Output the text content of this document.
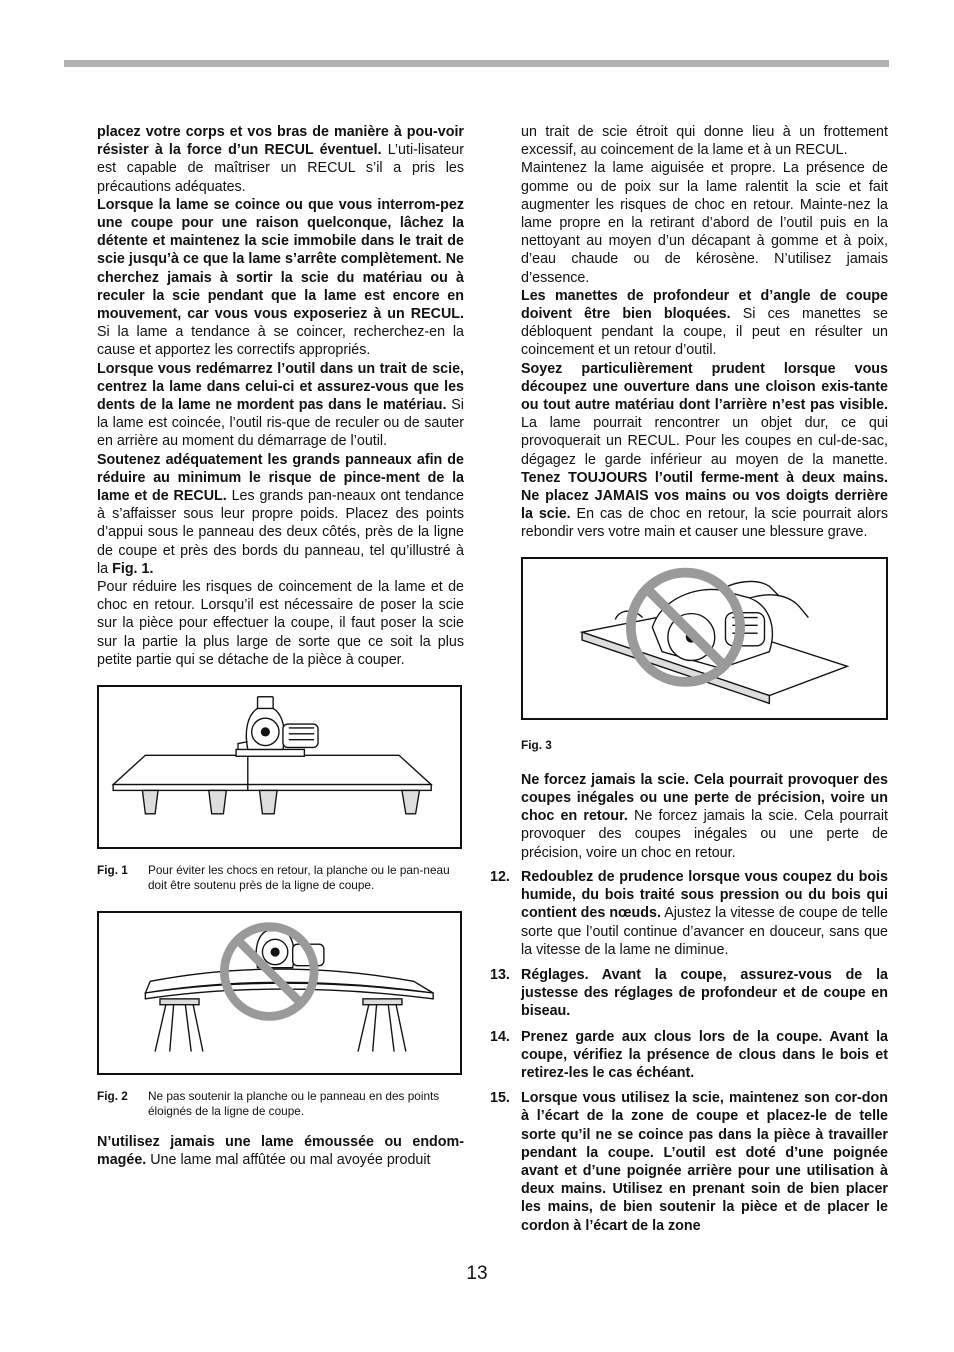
placez votre corps et vos bras de manière à pou-voir résister à la force d’un RECUL éventuel. L’uti-lisateur est capable de maîtriser un RECUL s’il a pris les précautions adéquates.

Lorsque la lame se coince ou que vous interrom-pez une coupe pour une raison quelconque, lâchez la détente et maintenez la scie immobile dans le trait de scie jusqu’à ce que la lame s’arrête complètement. Ne cherchez jamais à sortir la scie du matériau ou à reculer la scie pendant que la lame est encore en mouvement, car vous vous exposeriez à un RECUL. Si la lame a tendance à se coincer, recherchez-en la cause et apportez les correctifs appropriés.

Lorsque vous redémarrez l’outil dans un trait de scie, centrez la lame dans celui-ci et assurez-vous que les dents de la lame ne mordent pas dans le matériau. Si la lame est coincée, l’outil ris-que de reculer ou de sauter en arrière au moment du démarrage de l’outil.

Soutenez adéquatement les grands panneaux afin de réduire au minimum le risque de pince-ment de la lame et de RECUL. Les grands pan-neaux ont tendance à s’affaisser sous leur propre poids. Placez des points d’appui sous le panneau des deux côtés, près de la ligne de coupe et près des bords du panneau, tel qu’illustré à la Fig. 1.

Pour réduire les risques de coincement de la lame et de choc en retour. Lorsqu’il est nécessaire de poser la scie sur la pièce pour effectuer la coupe, il faut poser la scie sur la partie la plus large de sorte que ce soit la plus petite partie qui se détache de la pièce à couper.

Fig. 1	Pour éviter les chocs en retour, la planche ou le pan-neau doit être soutenu près de la ligne de coupe.
Fig. 2	Ne pas soutenir la planche ou le panneau en des points éloignés de la ligne de coupe.

N’utilisez jamais une lame émoussée ou endom-magée. Une lame mal affûtée ou mal avoyée produit

un trait de scie étroit qui donne lieu à un frottement excessif, au coincement de la lame et à un RECUL.

Maintenez la lame aiguisée et propre. La présence de gomme ou de poix sur la lame ralentit la scie et fait augmenter les risques de choc en retour. Mainte-nez la lame propre en la retirant d’abord de l’outil puis en la nettoyant au moyen d’un décapant à gomme et à poix, d’eau chaude ou de kérosène. N’utilisez jamais d’essence.

Les manettes de profondeur et d’angle de coupe doivent être bien bloquées. Si ces manettes se débloquent pendant la coupe, il peut en résulter un coincement et un retour d’outil.

Soyez particulièrement prudent lorsque vous découpez une ouverture dans une cloison exis-tante ou tout autre matériau dont l’arrière n’est pas visible. La lame pourrait rencontrer un objet dur, ce qui provoquerait un RECUL. Pour les coupes en cul-de-sac, dégagez le garde inférieur au moyen de la manette. Tenez TOUJOURS l’outil ferme-ment à deux mains. Ne placez JAMAIS vos mains ou vos doigts derrière la scie. En cas de choc en retour, la scie pourrait alors rebondir vers votre main et causer une blessure grave.

Fig. 3

Ne forcez jamais la scie. Cela pourrait provoquer des coupes inégales ou une perte de précision, voire un choc en retour. Ne forcez jamais la scie. Cela pourrait provoquer des coupes inégales ou une perte de précision, voire un choc en retour.

12. Redoublez de prudence lorsque vous coupez du bois humide, du bois traité sous pression ou du bois qui contient des nœuds. Ajustez la vitesse de coupe de telle sorte que l’outil continue d’avancer en douceur, sans que la vitesse de la lame ne diminue.

13. Réglages. Avant la coupe, assurez-vous de la justesse des réglages de profondeur et de coupe en biseau.

14. Prenez garde aux clous lors de la coupe. Avant la coupe, vérifiez la présence de clous dans le bois et retirez-les le cas échéant.

15. Lorsque vous utilisez la scie, maintenez son cor-don à l’écart de la zone de coupe et placez-le de telle sorte qu’il ne se coince pas dans la pièce à travailler pendant la coupe. L’outil est doté d’une poignée avant et d’une poignée arrière pour une utilisation à deux mains. Utilisez en prenant soin de bien placer les mains, de bien soutenir la pièce et de placer le cordon à l’écart de la zone

13
